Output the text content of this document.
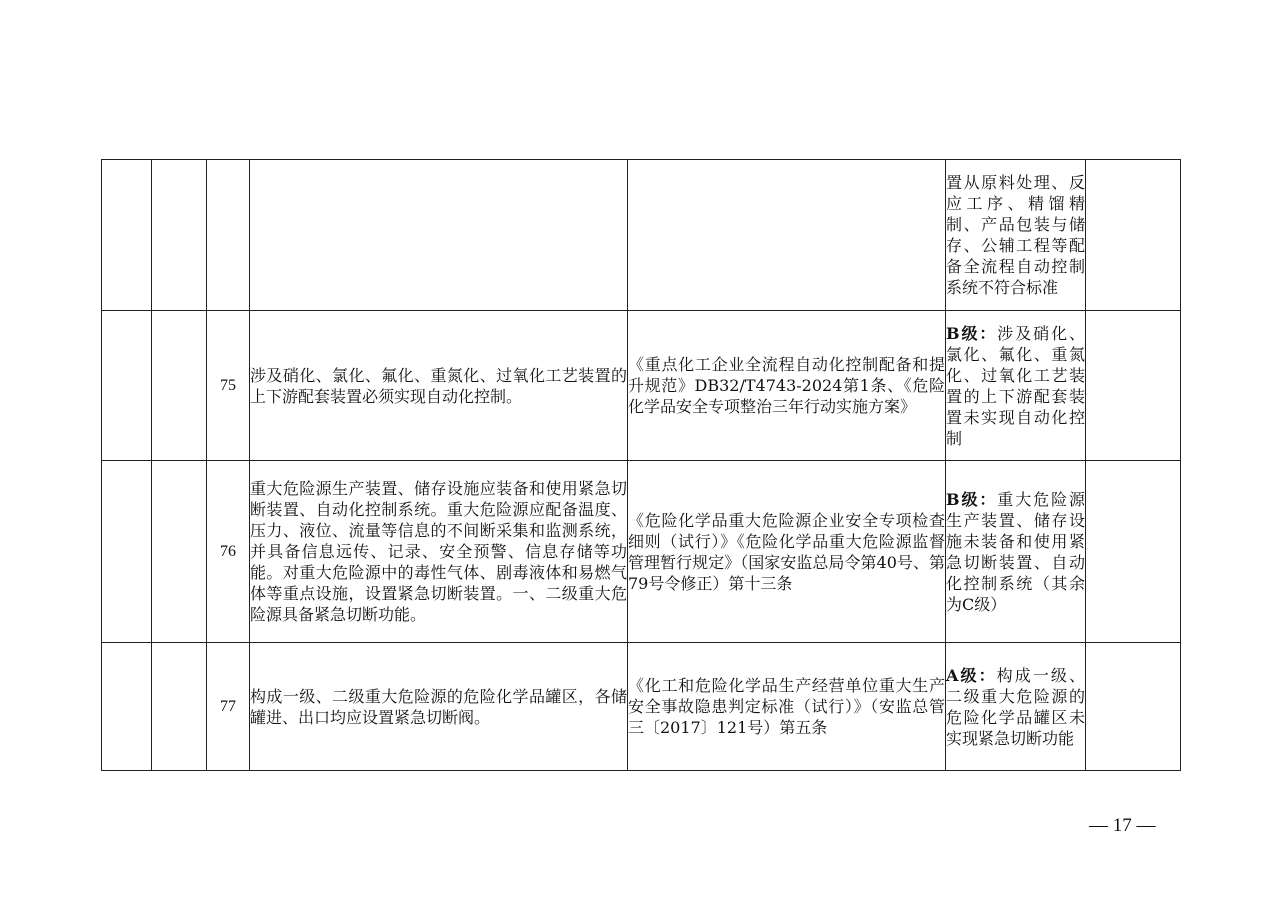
					置从原料处理、反应工序、精馏精制、产品包装与储存、公辅工程等配备全流程自动控制系统不符合标准	
		75	涉及硝化、氯化、氟化、重氮化、过氧化工艺装置的上下游配套装置必须实现自动化控制。	《重点化工企业全流程自动化控制配备和提升规范》DB32/T4743-2024第1条、《危险化学品安全专项整治三年行动实施方案》	B级：涉及硝化、氯化、氟化、重氮化、过氧化工艺装置的上下游配套装置未实现自动化控制	
		76	重大危险源生产装置、储存设施应装备和使用紧急切断装置、自动化控制系统。重大危险源应配备温度、压力、液位、流量等信息的不间断采集和监测系统，并具备信息远传、记录、安全预警、信息存储等功能。对重大危险源中的毒性气体、剧毒液体和易燃气体等重点设施，设置紧急切断装置。一、二级重大危险源具备紧急切断功能。	《危险化学品重大危险源企业安全专项检查细则（试行）》《危险化学品重大危险源监督管理暂行规定》（国家安监总局令第40号、第79号令修正）第十三条	B级：重大危险源生产装置、储存设施未装备和使用紧急切断装置、自动化控制系统（其余为C级）	
		77	构成一级、二级重大危险源的危险化学品罐区，各储罐进、出口均应设置紧急切断阀。	《化工和危险化学品生产经营单位重大生产安全事故隐患判定标准（试行）》（安监总管三〔2017〕121号）第五条	A级：构成一级、二级重大危险源的危险化学品罐区未实现紧急切断功能	
— 17 —
